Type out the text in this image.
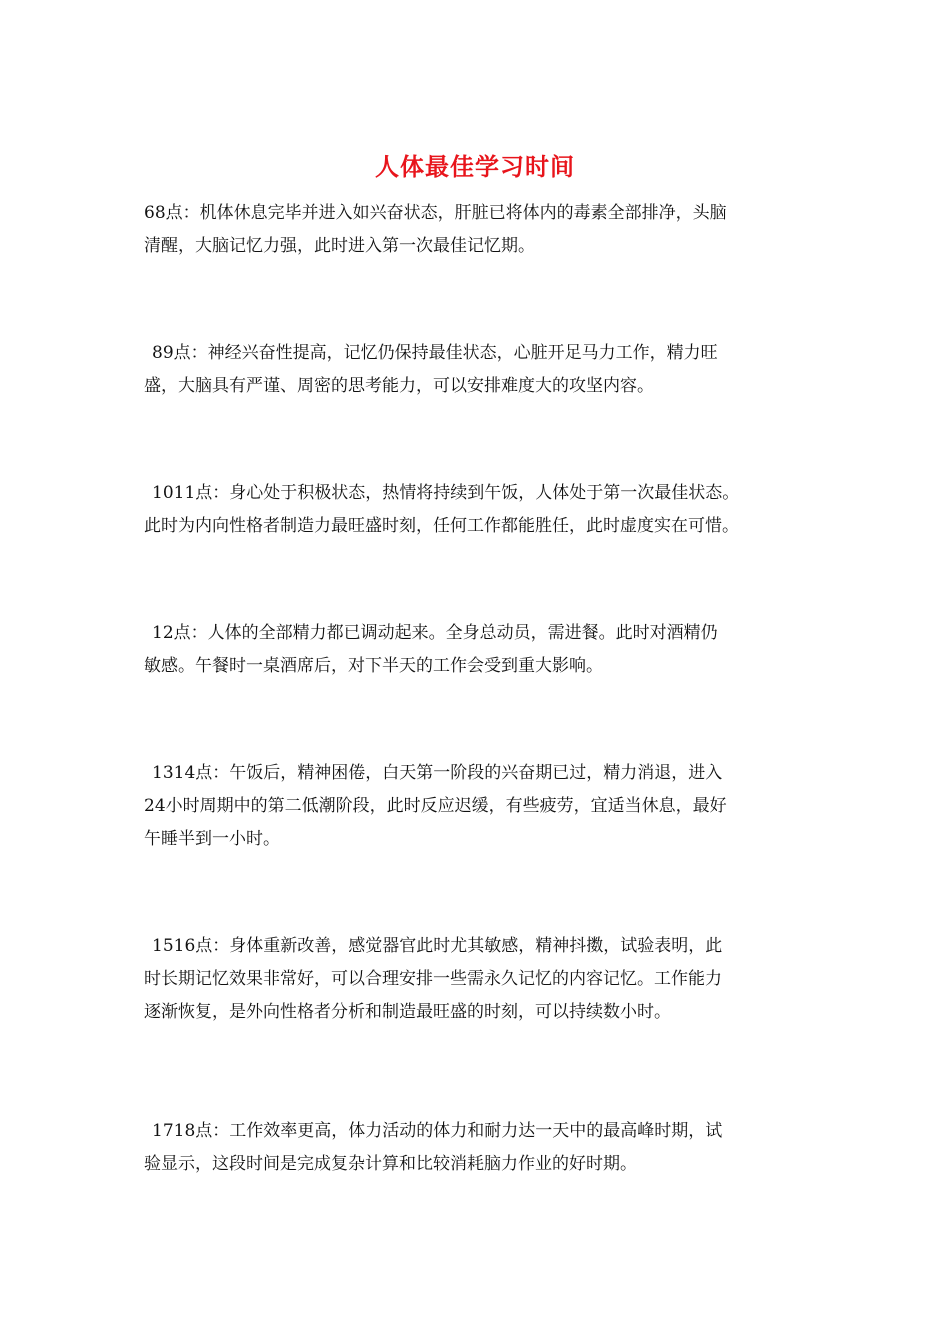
人体最佳学习时间

68点：机体休息完毕并进入如兴奋状态，肝脏已将体内的毒素全部排净，头脑
清醒，大脑记忆力强，此时进入第一次最佳记忆期。

89点：神经兴奋性提高，记忆仍保持最佳状态，心脏开足马力工作，精力旺
盛，大脑具有严谨、周密的思考能力，可以安排难度大的攻坚内容。

1011点：身心处于积极状态，热情将持续到午饭，人体处于第一次最佳状态。
此时为内向性格者制造力最旺盛时刻，任何工作都能胜任，此时虚度实在可惜。

12点：人体的全部精力都已调动起来。全身总动员，需进餐。此时对酒精仍
敏感。午餐时一桌酒席后，对下半天的工作会受到重大影响。

1314点：午饭后，精神困倦，白天第一阶段的兴奋期已过，精力消退，进入
24小时周期中的第二低潮阶段，此时反应迟缓，有些疲劳，宜适当休息，最好
午睡半到一小时。

1516点：身体重新改善，感觉器官此时尤其敏感，精神抖擞，试验表明，此
时长期记忆效果非常好，可以合理安排一些需永久记忆的内容记忆。工作能力
逐渐恢复，是外向性格者分析和制造最旺盛的时刻，可以持续数小时。

1718点：工作效率更高，体力活动的体力和耐力达一天中的最高峰时期，试
验显示，这段时间是完成复杂计算和比较消耗脑力作业的好时期。
